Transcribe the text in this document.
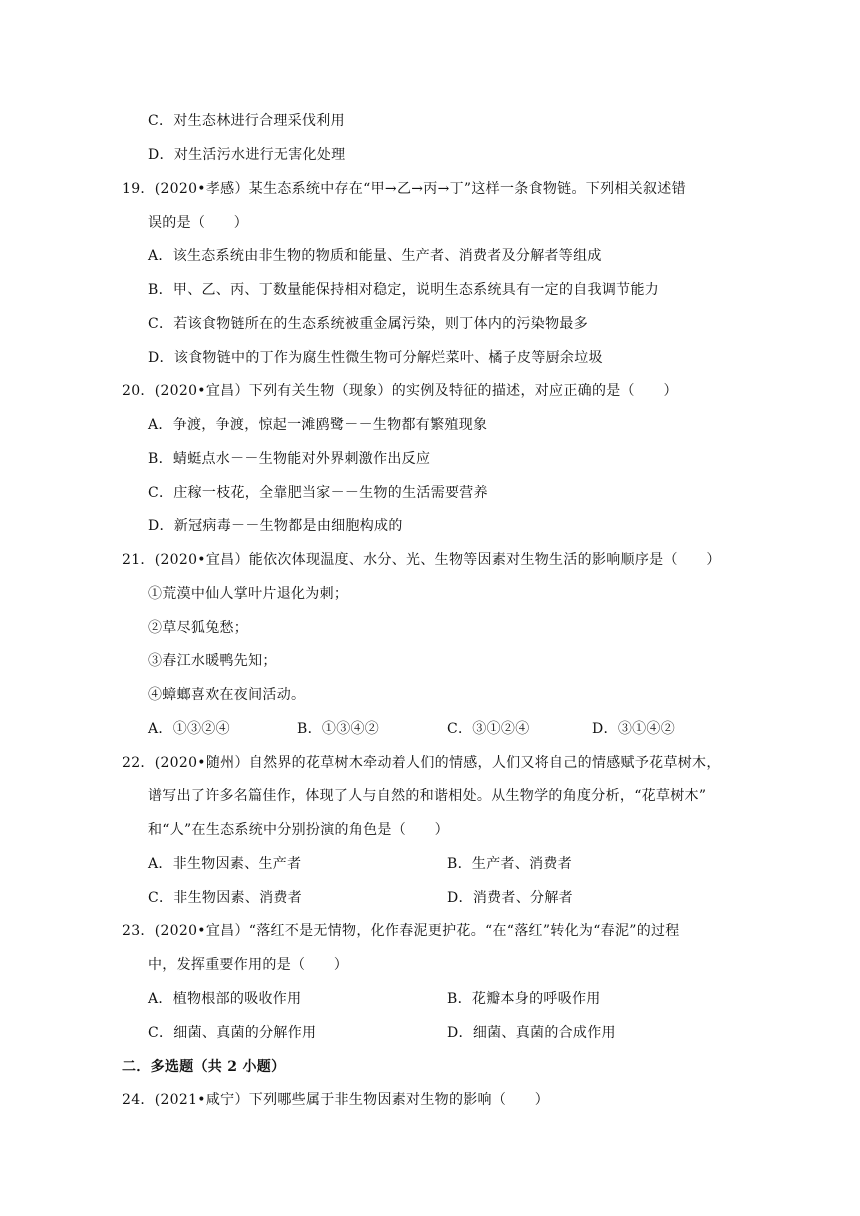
C．对生态林进行合理采伐利用
D．对生活污水进行无害化处理
19．(2020•孝感）某生态系统中存在“甲→乙→丙→丁”这样一条食物链。下列相关叙述错
误的是（　　）
A．该生态系统由非生物的物质和能量、生产者、消费者及分解者等组成
B．甲、乙、丙、丁数量能保持相对稳定，说明生态系统具有一定的自我调节能力
C．若该食物链所在的生态系统被重金属污染，则丁体内的污染物最多
D．该食物链中的丁作为腐生性微生物可分解烂菜叶、橘子皮等厨余垃圾
20．(2020•宜昌）下列有关生物（现象）的实例及特征的描述，对应正确的是（　　）
A．争渡，争渡，惊起一滩鸥鹭－－生物都有繁殖现象
B．蜻蜓点水－－生物能对外界刺激作出反应
C．庄稼一枝花，全靠肥当家－－生物的生活需要营养
D．新冠病毒－－生物都是由细胞构成的
21．(2020•宜昌）能依次体现温度、水分、光、生物等因素对生物生活的影响顺序是（　　）
①荒漠中仙人掌叶片退化为刺；
②草尽狐兔愁；
③春江水暖鸭先知；
④蟑螂喜欢在夜间活动。
A．①③②④	B．①③④②	C．③①②④	D．③①④②
22．(2020•随州）自然界的花草树木牵动着人们的情感，人们又将自己的情感赋予花草树木，
谱写出了许多名篇佳作，体现了人与自然的和谐相处。从生物学的角度分析，“花草树木”
和“人”在生态系统中分别扮演的角色是（　　）
A．非生物因素、生产者	B．生产者、消费者
C．非生物因素、消费者	D．消费者、分解者
23．(2020•宜昌）“落红不是无情物，化作春泥更护花。“在“落红”转化为“春泥”的过程
中，发挥重要作用的是（　　）
A．植物根部的吸收作用	B．花瓣本身的呼吸作用
C．细菌、真菌的分解作用	D．细菌、真菌的合成作用
二．多选题（共 2 小题）
24．(2021•咸宁）下列哪些属于非生物因素对生物的影响（　　）
